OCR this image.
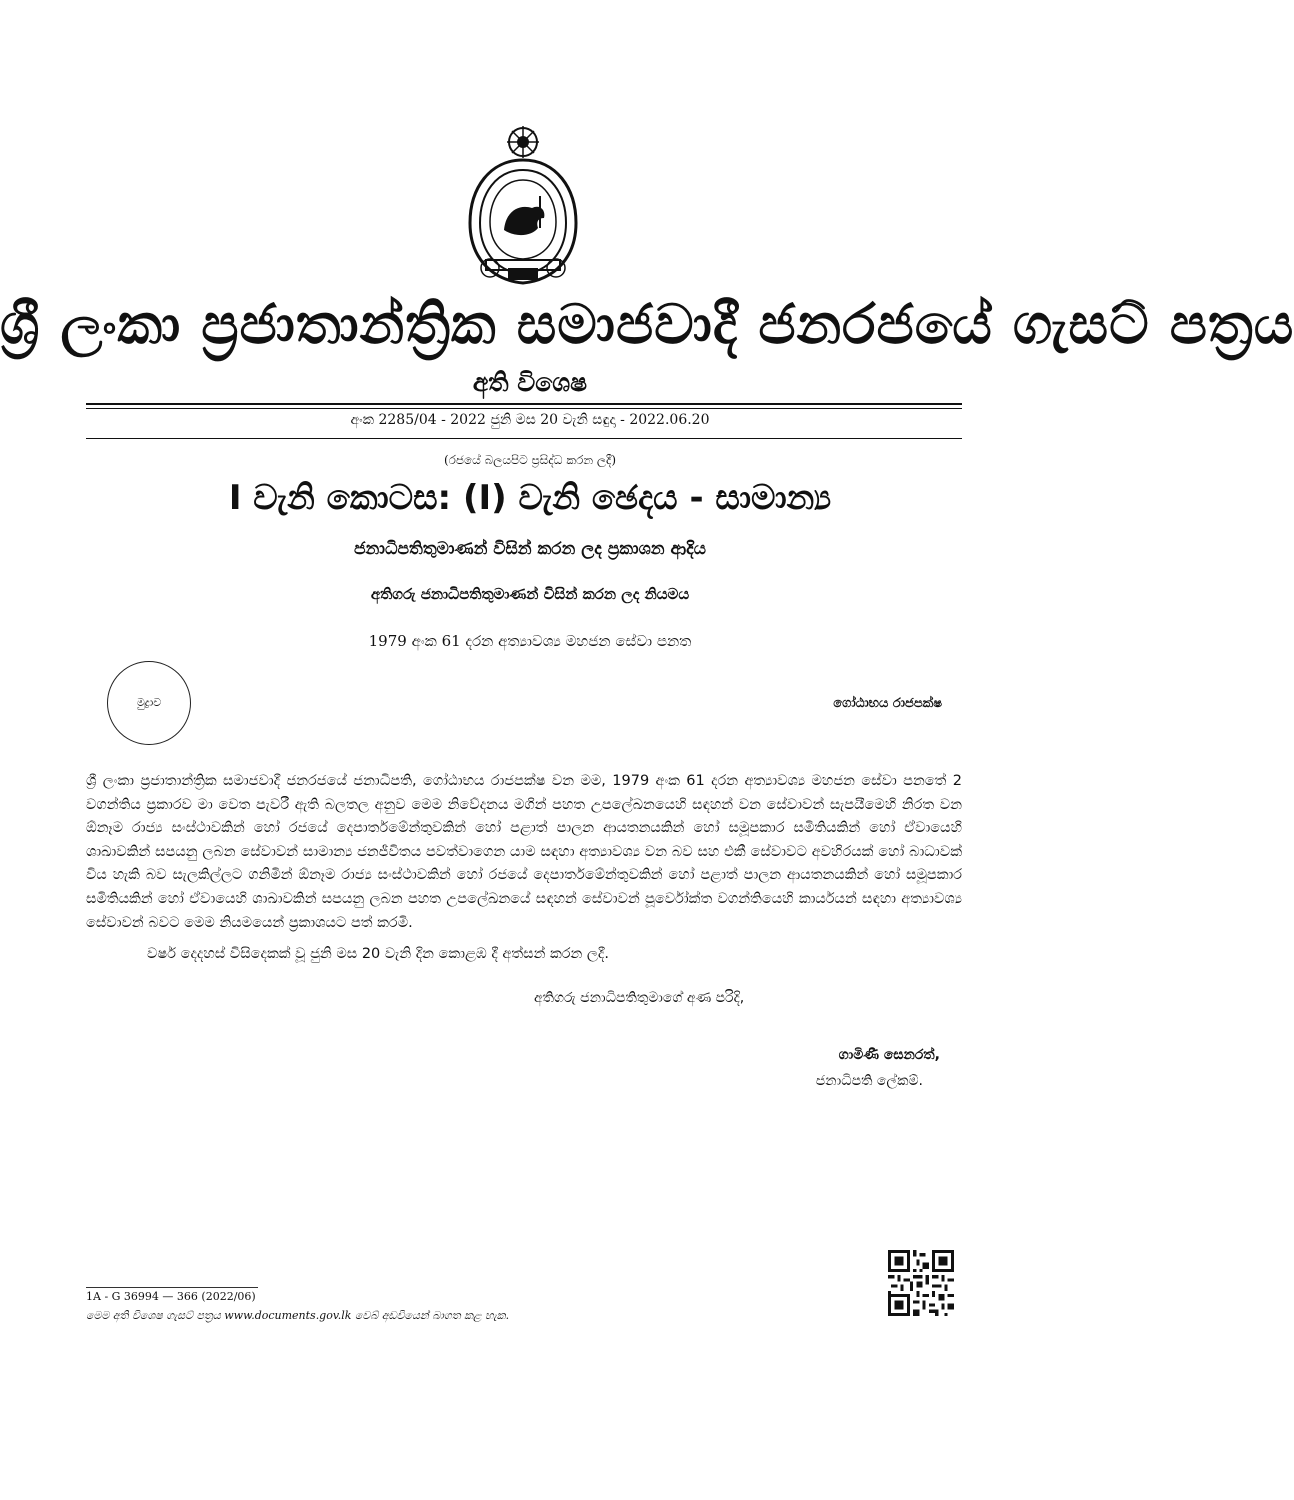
ශ්‍රී ලංකා ප්‍රජාතාන්ත්‍රික සමාජවාදී ජනරජයේ ගැසට් පත්‍රය
අති විශෙෂ
අංක 2285/04 - 2022 ජුනි මස 20 වැනි සඳුදා - 2022.06.20
(රජයේ බලයපිට ප්‍රසිද්ධ කරන ලදී)
I වැනි කොටස: (I) වැනි ඡෙදය - සාමාන්‍ය
ජනාධිපතිතුමාණන් විසින් කරන ලද ප්‍රකාශන ආදිය
අතිගරු ජනාධිපතිතුමාණන් විසින් කරන ලද නියමය
1979 අංක 61 දරන අත්‍යාවශ්‍ය මහජන සේවා පනත
මුද්‍රාව	ගෝඨාභය රාජපක්ෂ
ශ්‍රී ලංකා ප්‍රජාතාන්ත්‍රික සමාජවාදී ජනරජයේ ජනාධිපති, ගෝඨාභය රාජපක්ෂ වන මම, 1979 අංක 61 දරන අත්‍යාවශ්‍ය මහජන සේවා පනතේ 2 වගන්තිය ප්‍රකාරව මා වෙත පැවරී ඇති බලතල අනුව මෙම නිවේදනය මගින් පහත උපලේඛනයෙහි සඳහන් වන සේවාවන් සැපයීමෙහි නිරත වන ඕනෑම රාජ්‍ය සංස්ථාවකින් හෝ රජයේ දෙපාර්තමේන්තුවකින් හෝ පළාත් පාලන ආයතනයකින් හෝ සමූපකාර සමිතියකින් හෝ ඒවායෙහි ශාඛාවකින් සපයනු ලබන සේවාවන් සාමාන්‍ය ජනජීවිතය පවත්වාගෙන යාම සඳහා අත්‍යාවශ්‍ය වන බව සහ එකී සේවාවට අවහිරයක් හෝ බාධාවක් විය හැකි බව සැලකිල්ලට ගනිමින් ඕනෑම රාජ්‍ය සංස්ථාවකින් හෝ රජයේ දෙපාර්තමේන්තුවකින් හෝ පළාත් පාලන ආයතනයකින් හෝ සමූපකාර සමිතියකින් හෝ ඒවායෙහි ශාඛාවකින් සපයනු ලබන පහත උපලේඛනයේ සඳහන් සේවාවන් පූර්වෝක්ත වගන්තියෙහි කාර්යයන් සඳහා අත්‍යාවශ්‍ය සේවාවන් බවට මෙම නියමයෙන් ප්‍රකාශයට පත් කරමි.
වර්ෂ දෙදහස් විසිදෙකක් වූ ජුනි මස 20 වැනි දින කොළඹ දී අත්සන් කරන ලදී.
අතිගරු ජනාධිපතිතුමාගේ අණ පරිදි,
ගාමිණී සෙනරත්,
ජනාධිපති ලේකම්.
1A - G 36994 — 366 (2022/06)
මෙම අති විශෙෂ ගැසට් පත්‍රය www.documents.gov.lk වෙබ් අඩවියෙන් බාගත කළ හැක.
